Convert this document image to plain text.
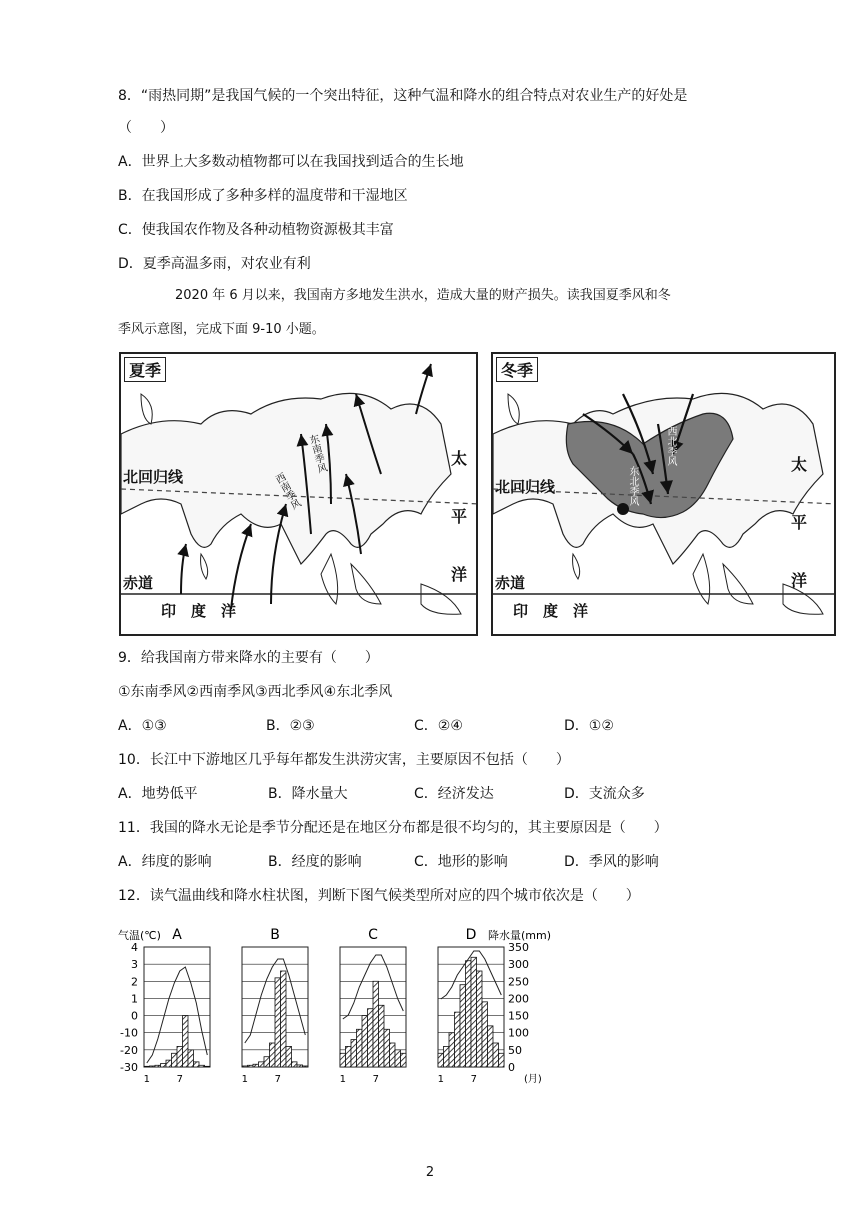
8．“雨热同期”是我国气候的一个突出特征，这种气温和降水的组合特点对农业生产的好处是
（　　）
A．世界上大多数动植物都可以在我国找到适合的生长地
B．在我国形成了多种多样的温度带和干湿地区
C．使我国农作物及各种动植物资源极其丰富
D．夏季高温多雨，对农业有利
2020 年 6 月以来，我国南方多地发生洪水，造成大量的财产损失。读我国夏季风和冬
季风示意图，完成下面 9-10 小题。
夏季
北回归线
赤道
印　度　洋
太
平
洋
东南季风
西南季风
冬季
北回归线
赤道
印　度　洋
太
平
洋
西北季风
东北季风
9．给我国南方带来降水的主要有（　　）
①东南季风②西南季风③西北季风④东北季风
A．①③	B．②③	C．②④	D．①②
10．长江中下游地区几乎每年都发生洪涝灾害，主要原因不包括（　　）
A．地势低平	B．降水量大	C．经济发达	D．支流众多
11．我国的降水无论是季节分配还是在地区分布都是很不均匀的，其主要原因是（　　）
A．纬度的影响	B．经度的影响	C．地形的影响	D．季风的影响
12．读气温曲线和降水柱状图，判断下图气候类型所对应的四个城市依次是（　　）
气温(℃)	降水量(mm)
4
3
2
1
0
-10
-20
-30
350
300
250
200
150
100
50
0
(月)
A
1	7
B
1	7
C
1	7
D
1	7
2
